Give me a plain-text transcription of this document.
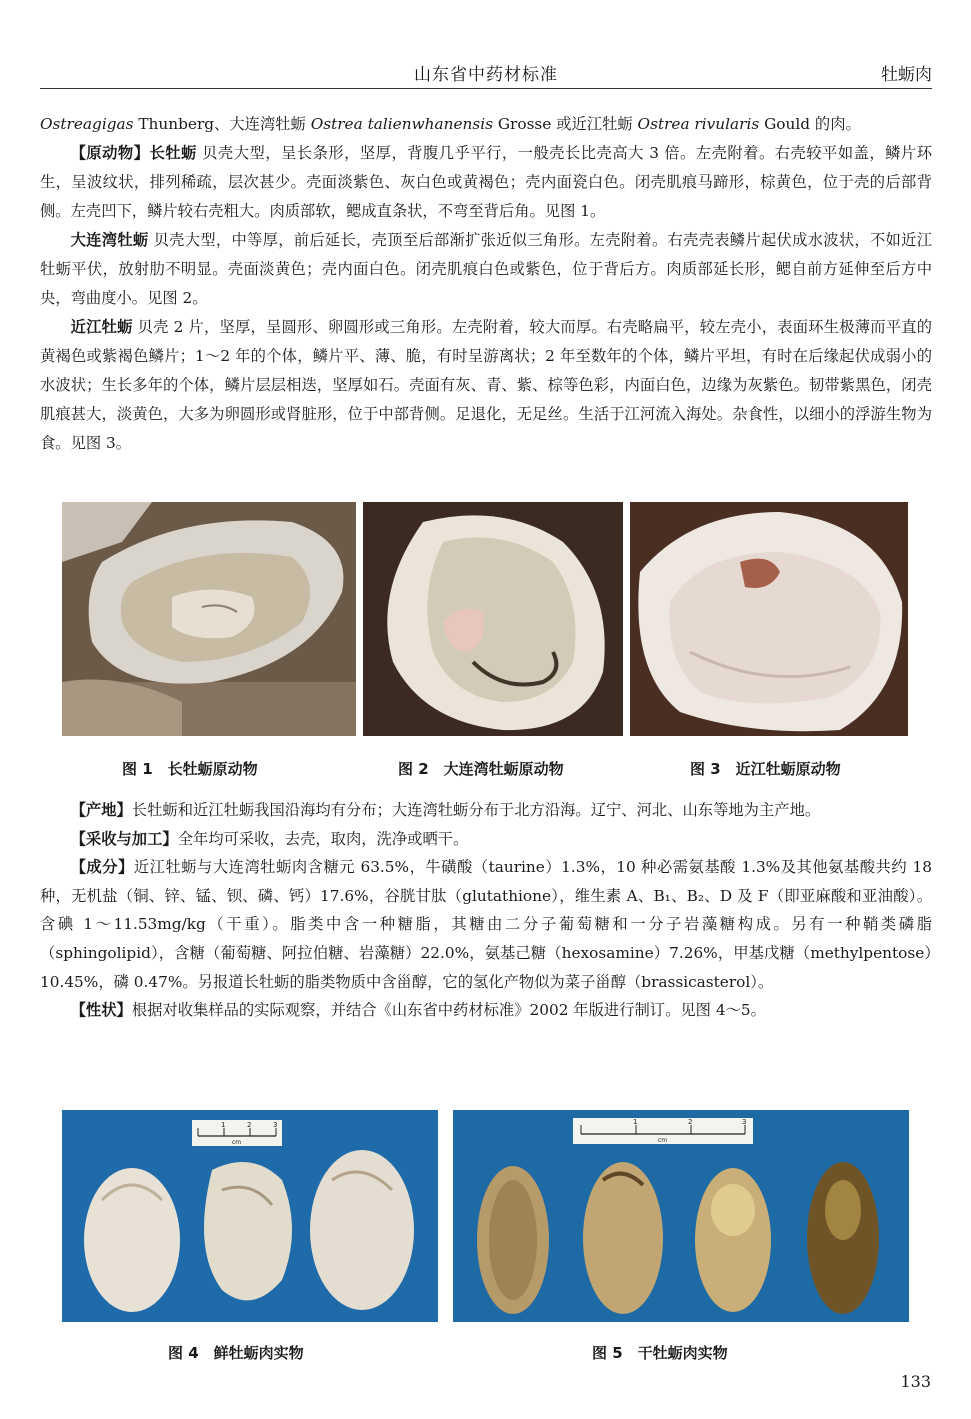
山东省中药材标准	牡蛎肉

Ostreagigas Thunberg、大连湾牡蛎 Ostrea talienwhanensis Grosse 或近江牡蛎 Ostrea rivularis Gould 的肉。

【原动物】长牡蛎 贝壳大型，呈长条形，坚厚，背腹几乎平行，一般壳长比壳高大 3 倍。左壳附着。右壳较平如盖，鳞片环生，呈波纹状，排列稀疏，层次甚少。壳面淡紫色、灰白色或黄褐色；壳内面瓷白色。闭壳肌痕马蹄形，棕黄色，位于壳的后部背侧。左壳凹下，鳞片较右壳粗大。肉质部软，鳃成直条状，不弯至背后角。见图 1。

大连湾牡蛎 贝壳大型，中等厚，前后延长，壳顶至后部渐扩张近似三角形。左壳附着。右壳壳表鳞片起伏成水波状，不如近江牡蛎平伏，放射肋不明显。壳面淡黄色；壳内面白色。闭壳肌痕白色或紫色，位于背后方。肉质部延长形，鳃自前方延伸至后方中央，弯曲度小。见图 2。

近江牡蛎 贝壳 2 片，坚厚，呈圆形、卵圆形或三角形。左壳附着，较大而厚。右壳略扁平，较左壳小，表面环生极薄而平直的黄褐色或紫褐色鳞片；1～2 年的个体，鳞片平、薄、脆，有时呈游离状；2 年至数年的个体，鳞片平坦，有时在后缘起伏成弱小的水波状；生长多年的个体，鳞片层层相迭，坚厚如石。壳面有灰、青、紫、棕等色彩，内面白色，边缘为灰紫色。韧带紫黑色，闭壳肌痕甚大，淡黄色，大多为卵圆形或肾脏形，位于中部背侧。足退化，无足丝。生活于江河流入海处。杂食性，以细小的浮游生物为食。见图 3。

图 1　长牡蛎原动物	图 2　大连湾牡蛎原动物	图 3　近江牡蛎原动物

【产地】长牡蛎和近江牡蛎我国沿海均有分布；大连湾牡蛎分布于北方沿海。辽宁、河北、山东等地为主产地。

【采收与加工】全年均可采收，去壳，取肉，洗净或晒干。

【成分】近江牡蛎与大连湾牡蛎肉含糖元 63.5%，牛磺酸（taurine）1.3%，10 种必需氨基酸 1.3%及其他氨基酸共约 18 种，无机盐（铜、锌、锰、钡、磷、钙）17.6%，谷胱甘肽（glutathione），维生素 A、B₁、B₂、D 及 F（即亚麻酸和亚油酸）。含碘 1～11.53mg/kg（干重）。脂类中含一种糖脂，其糖由二分子葡萄糖和一分子岩藻糖构成。另有一种鞘类磷脂（sphingolipid），含糖（葡萄糖、阿拉伯糖、岩藻糖）22.0%，氨基己糖（hexosamine）7.26%，甲基戊糖（methylpentose）10.45%，磷 0.47%。另报道长牡蛎的脂类物质中含甾醇，它的氢化产物似为菜子甾醇（brassicasterol）。

【性状】根据对收集样品的实际观察，并结合《山东省中药材标准》2002 年版进行制订。见图 4～5。

1	2	3
cm
1	2	3
cm
图 4　鲜牡蛎肉实物	图 5　干牡蛎肉实物
133
